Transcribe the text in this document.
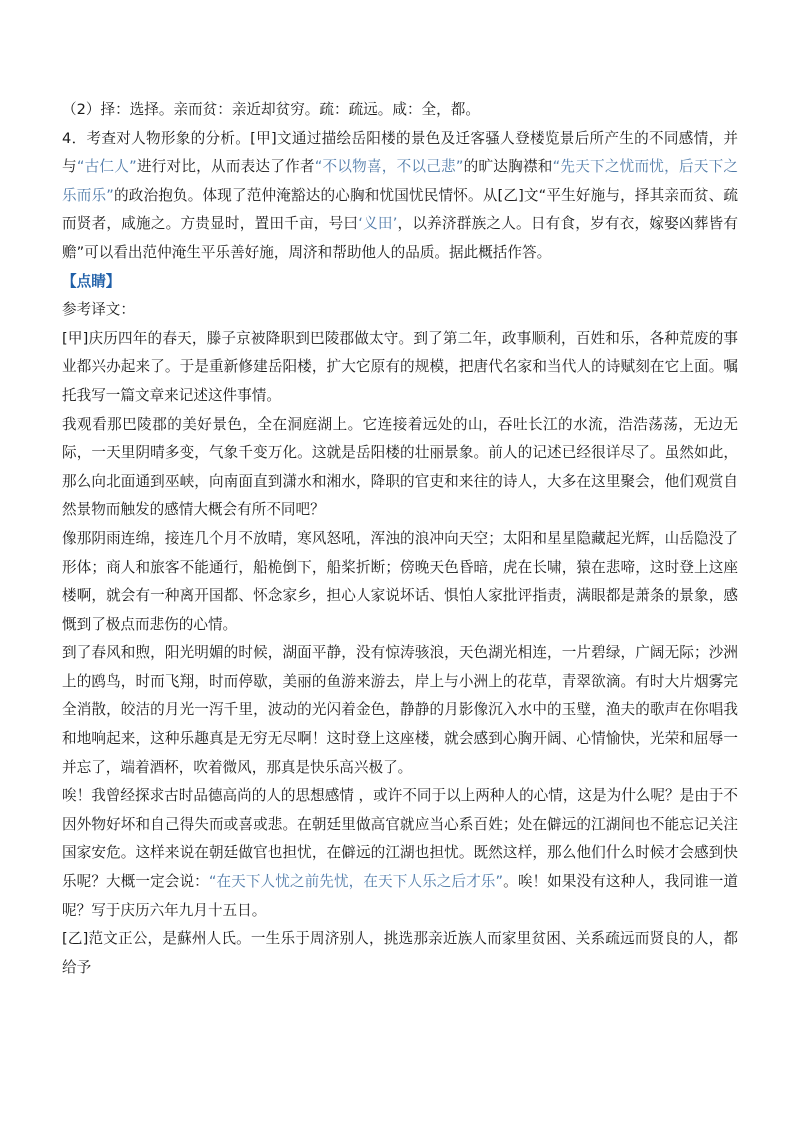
（2）择：选择。亲而贫：亲近却贫穷。疏：疏远。咸：全，都。

4．考查对人物形象的分析。[甲]文通过描绘岳阳楼的景色及迁客骚人登楼览景后所产生的不同感情，并与“古仁人”进行对比，从而表达了作者“不以物喜，不以己悲”的旷达胸襟和“先天下之忧而忧，后天下之乐而乐”的政治抱负。体现了范仲淹豁达的心胸和忧国忧民情怀。从[乙]文“平生好施与，择其亲而贫、疏而贤者，咸施之。方贵显时，置田千亩，号曰‘义田’，以养济群族之人。日有食，岁有衣，嫁娶凶葬皆有赡”可以看出范仲淹生平乐善好施，周济和帮助他人的品质。据此概括作答。

【点睛】

参考译文：

[甲]庆历四年的春天，滕子京被降职到巴陵郡做太守。到了第二年，政事顺利，百姓和乐，各种荒废的事业都兴办起来了。于是重新修建岳阳楼，扩大它原有的规模，把唐代名家和当代人的诗赋刻在它上面。嘱托我写一篇文章来记述这件事情。

我观看那巴陵郡的美好景色，全在洞庭湖上。它连接着远处的山，吞吐长江的水流，浩浩荡荡，无边无际，一天里阴晴多变，气象千变万化。这就是岳阳楼的壮丽景象。前人的记述已经很详尽了。虽然如此，那么向北面通到巫峡，向南面直到潇水和湘水，降职的官吏和来往的诗人，大多在这里聚会，他们观赏自然景物而触发的感情大概会有所不同吧？

像那阴雨连绵，接连几个月不放晴，寒风怒吼，浑浊的浪冲向天空；太阳和星星隐藏起光辉，山岳隐没了形体；商人和旅客不能通行，船桅倒下，船桨折断；傍晚天色昏暗，虎在长啸，猿在悲啼，这时登上这座楼啊，就会有一种离开国都、怀念家乡，担心人家说坏话、惧怕人家批评指责，满眼都是萧条的景象，感慨到了极点而悲伤的心情。

到了春风和煦，阳光明媚的时候，湖面平静，没有惊涛骇浪，天色湖光相连，一片碧绿，广阔无际；沙洲上的鸥鸟，时而飞翔，时而停歇，美丽的鱼游来游去，岸上与小洲上的花草，青翠欲滴。有时大片烟雾完全消散，皎洁的月光一泻千里，波动的光闪着金色，静静的月影像沉入水中的玉璧，渔夫的歌声在你唱我和地响起来，这种乐趣真是无穷无尽啊！这时登上这座楼，就会感到心胸开阔、心情愉快，光荣和屈辱一并忘了，端着酒杯，吹着微风，那真是快乐高兴极了。

唉！我曾经探求古时品德高尚的人的思想感情 ，或许不同于以上两种人的心情，这是为什么呢？是由于不因外物好坏和自己得失而或喜或悲。在朝廷里做高官就应当心系百姓；处在僻远的江湖间也不能忘记关注国家安危。这样来说在朝廷做官也担忧，在僻远的江湖也担忧。既然这样，那么他们什么时候才会感到快乐呢？大概一定会说：“在天下人忧之前先忧，在天下人乐之后才乐”。唉！如果没有这种人，我同谁一道呢？写于庆历六年九月十五日。

[乙]范文正公，是蘇州人氏。一生乐于周济别人，挑选那亲近族人而家里贫困、关系疏远而贤良的人，都给予
